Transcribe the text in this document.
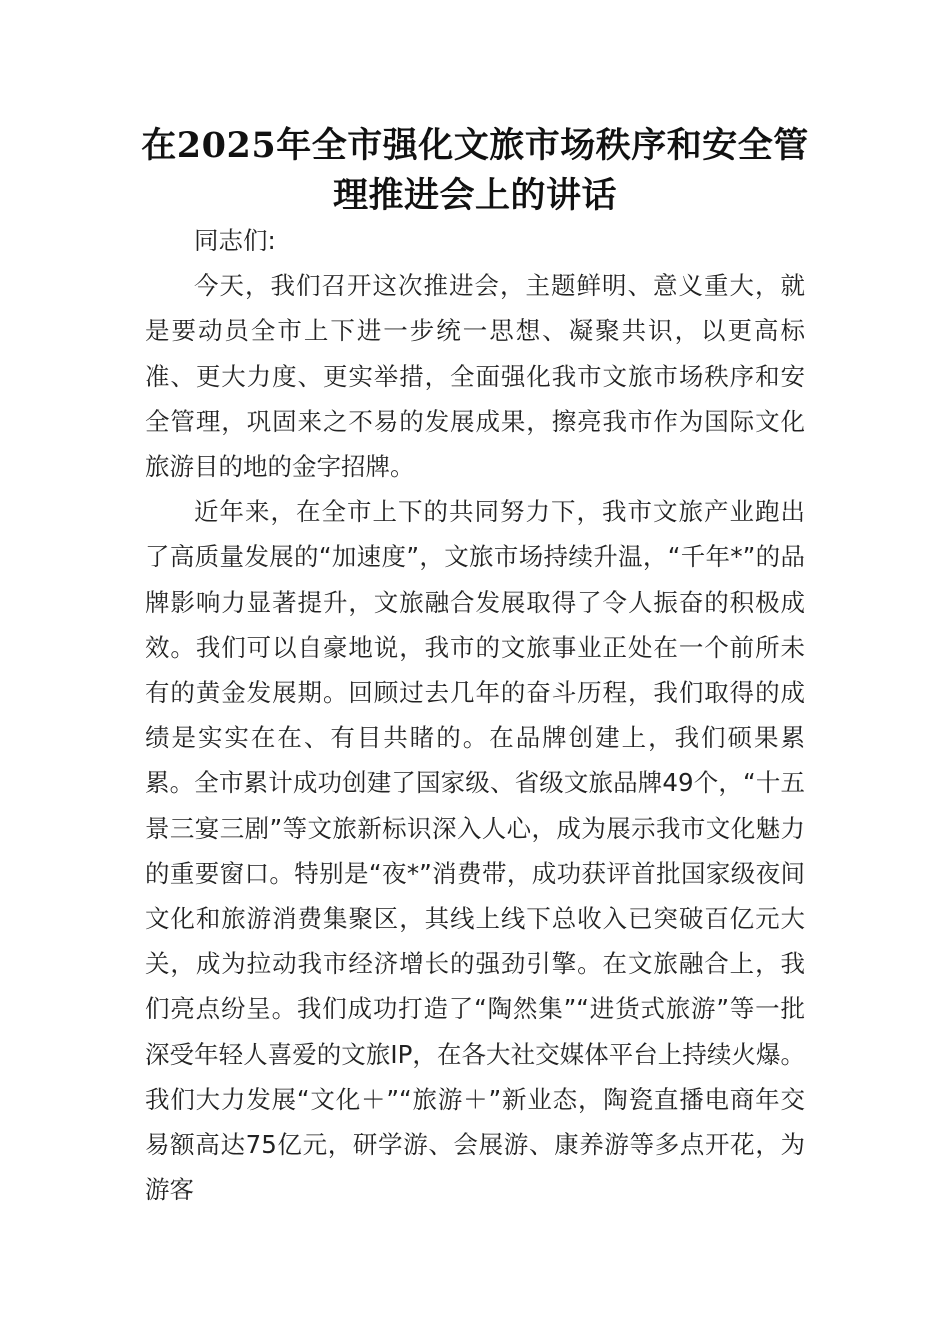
在2025年全市强化文旅市场秩序和安全管
理推进会上的讲话

同志们:

今天，我们召开这次推进会，主题鲜明、意义重大，就是要动员全市上下进一步统一思想、凝聚共识，以更高标准、更大力度、更实举措，全面强化我市文旅市场秩序和安全管理，巩固来之不易的发展成果，擦亮我市作为国际文化旅游目的地的金字招牌。

近年来，在全市上下的共同努力下，我市文旅产业跑出了高质量发展的“加速度”，文旅市场持续升温，“千年*”的品牌影响力显著提升，文旅融合发展取得了令人振奋的积极成效。我们可以自豪地说，我市的文旅事业正处在一个前所未有的黄金发展期。回顾过去几年的奋斗历程，我们取得的成绩是实实在在、有目共睹的。在品牌创建上，我们硕果累累。全市累计成功创建了国家级、省级文旅品牌49个，“十五景三宴三剧”等文旅新标识深入人心，成为展示我市文化魅力的重要窗口。特别是“夜*”消费带，成功获评首批国家级夜间文化和旅游消费集聚区，其线上线下总收入已突破百亿元大关，成为拉动我市经济增长的强劲引擎。在文旅融合上，我们亮点纷呈。我们成功打造了“陶然集”“进货式旅游”等一批深受年轻人喜爱的文旅IP，在各大社交媒体平台上持续火爆。我们大力发展“文化＋”“旅游＋”新业态，陶瓷直播电商年交易额高达75亿元，研学游、会展游、康养游等多点开花，为游客
